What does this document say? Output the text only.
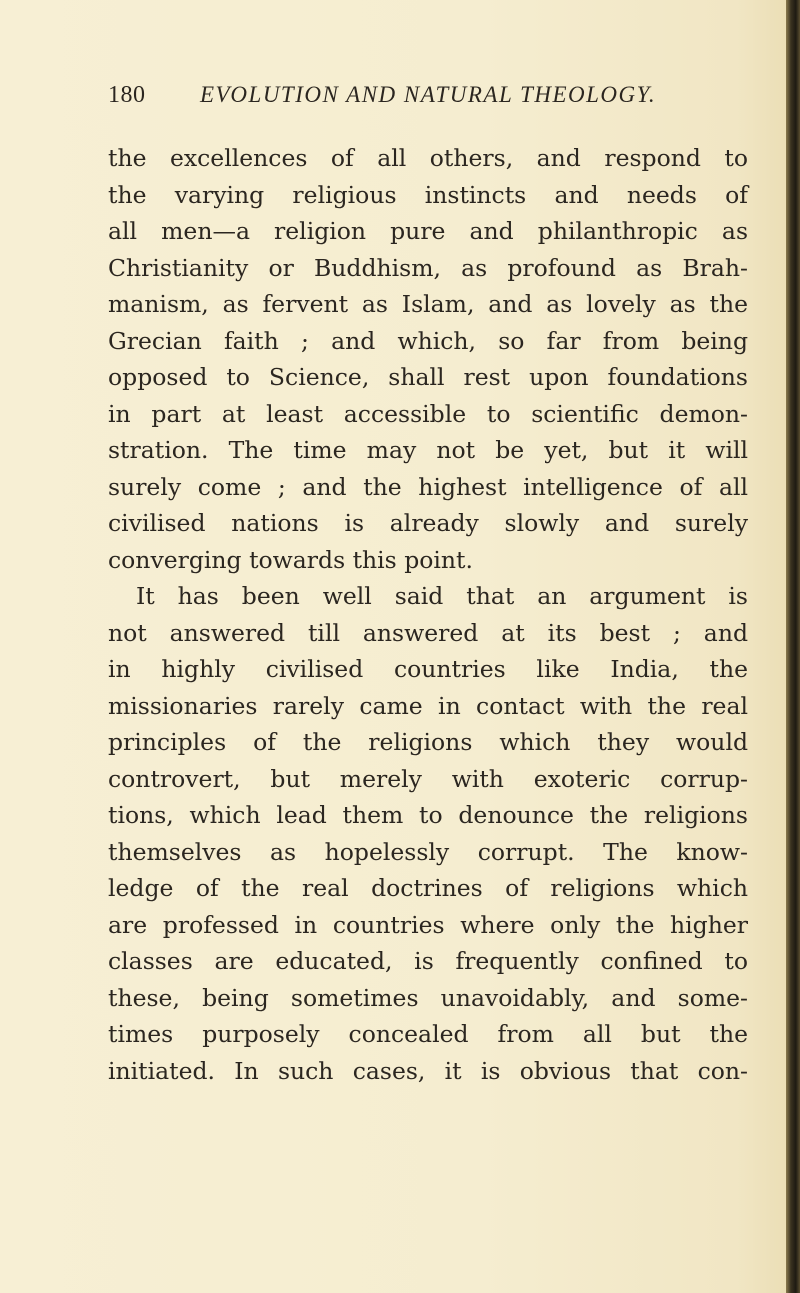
180 EVOLUTION AND NATURAL THEOLOGY.
the excellences of all others, and respond to
the varying religious instincts and needs of
all men—a religion pure and philanthropic as
Christianity or Buddhism, as profound as Brah-
manism, as fervent as Islam, and as lovely as the
Grecian faith ; and which, so far from being
opposed to Science, shall rest upon foundations
in part at least accessible to scientific demon-
stration. The time may not be yet, but it will
surely come ; and the highest intelligence of all
civilised nations is already slowly and surely
converging towards this point.
It has been well said that an argument is
not answered till answered at its best ; and
in highly civilised countries like India, the
missionaries rarely came in contact with the real
principles of the religions which they would
controvert, but merely with exoteric corrup-
tions, which lead them to denounce the religions
themselves as hopelessly corrupt. The know-
ledge of the real doctrines of religions which
are professed in countries where only the higher
classes are educated, is frequently confined to
these, being sometimes unavoidably, and some-
times purposely concealed from all but the
initiated. In such cases, it is obvious that con-
